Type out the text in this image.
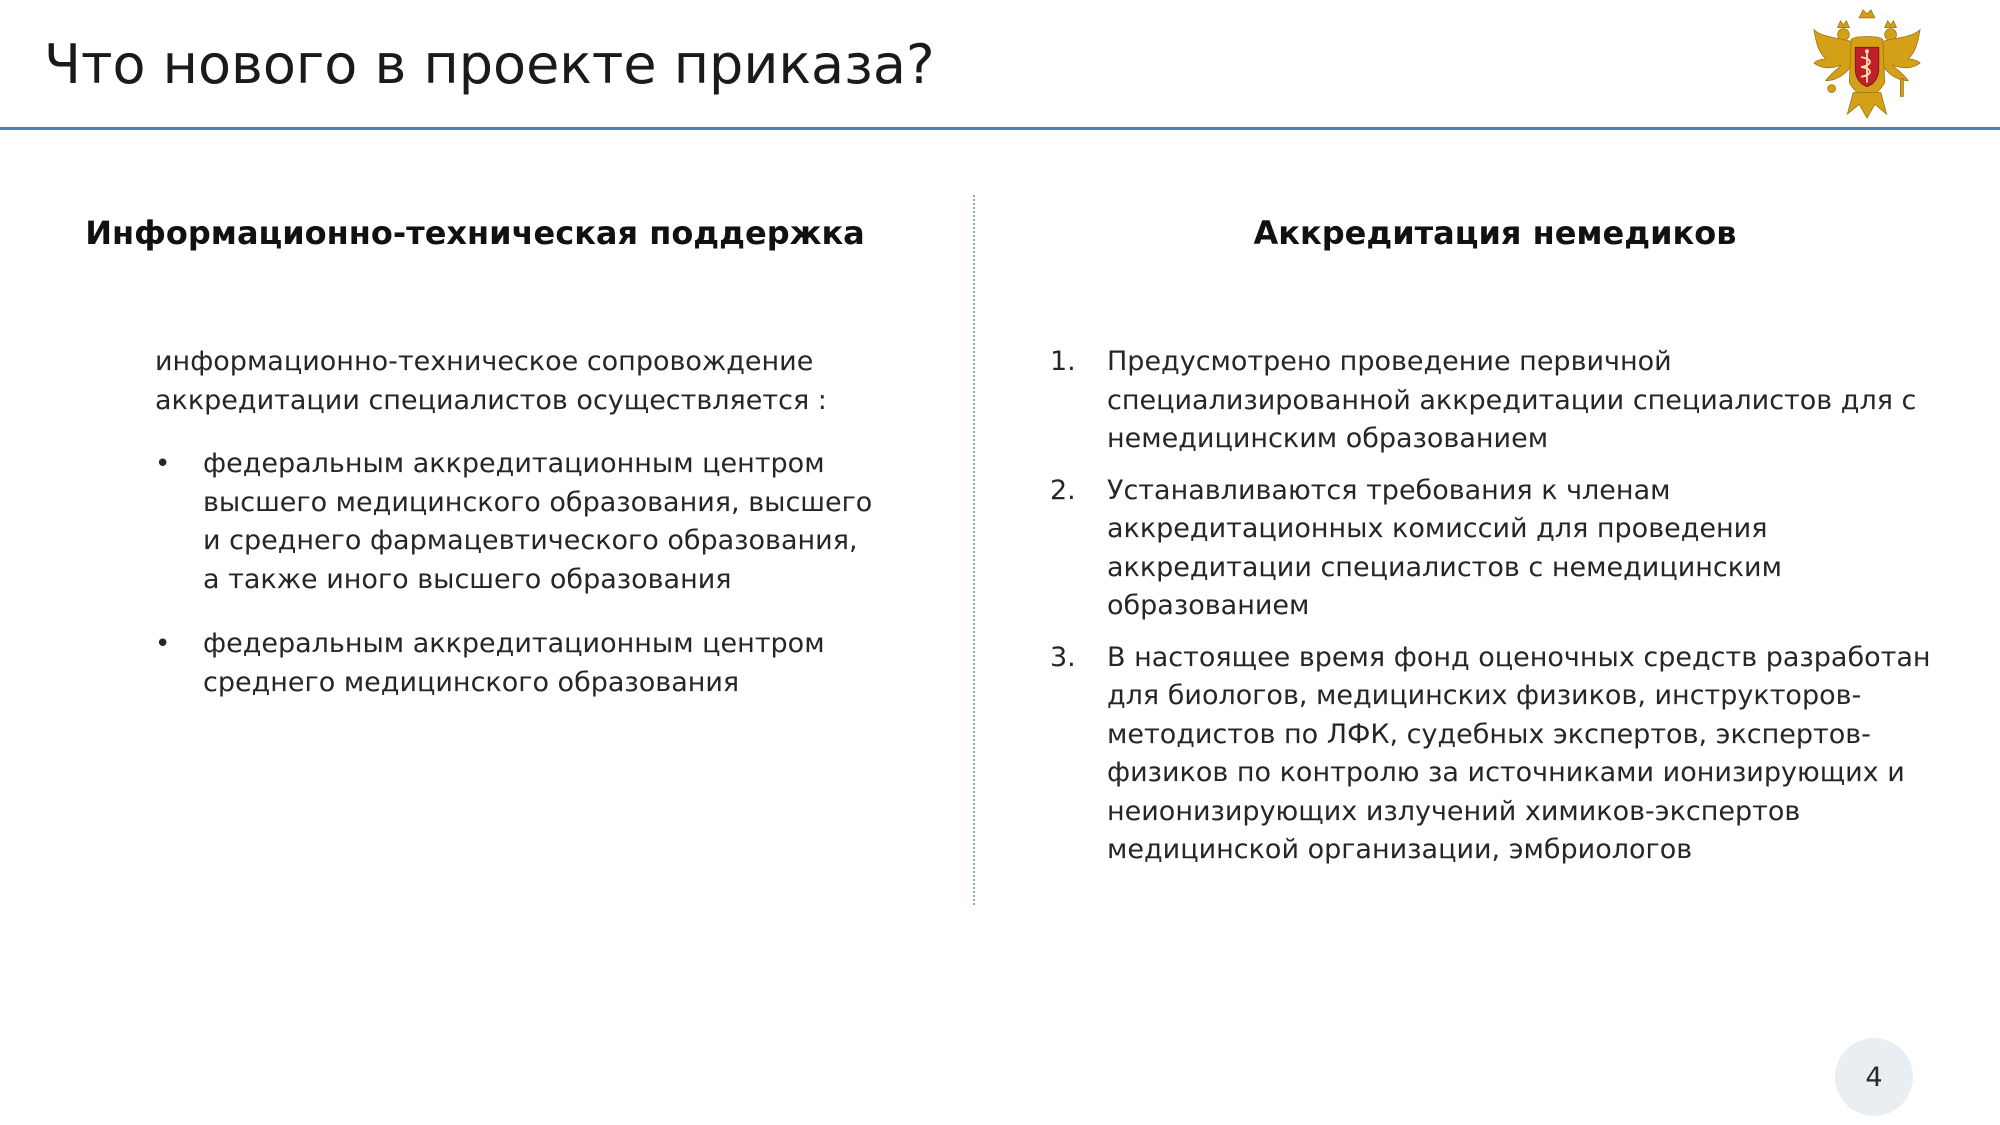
Что нового в проекте приказа?
Информационно-техническая поддержка	Аккредитация немедиков

информационно-техническое сопровождение аккредитации специалистов осуществляется :

• федеральным аккредитационным центром высшего медицинского образования, высшего и среднего фармацевтического образования, а также иного высшего образования
• федеральным аккредитационным центром среднего медицинского образования
1. Предусмотрено проведение первичной специализированной аккредитации специалистов для с немедицинским образованием
2. Устанавливаются требования к членам аккредитационных комиссий для проведения аккредитации специалистов с немедицинским образованием
3. В настоящее время фонд оценочных средств разработан для биологов, медицинских физиков, инструкторов-методистов по ЛФК, судебных экспертов, экспертов-физиков по контролю за источниками ионизирующих и неионизирующих излучений химиков-экспертов медицинской организации, эмбриологов
4
